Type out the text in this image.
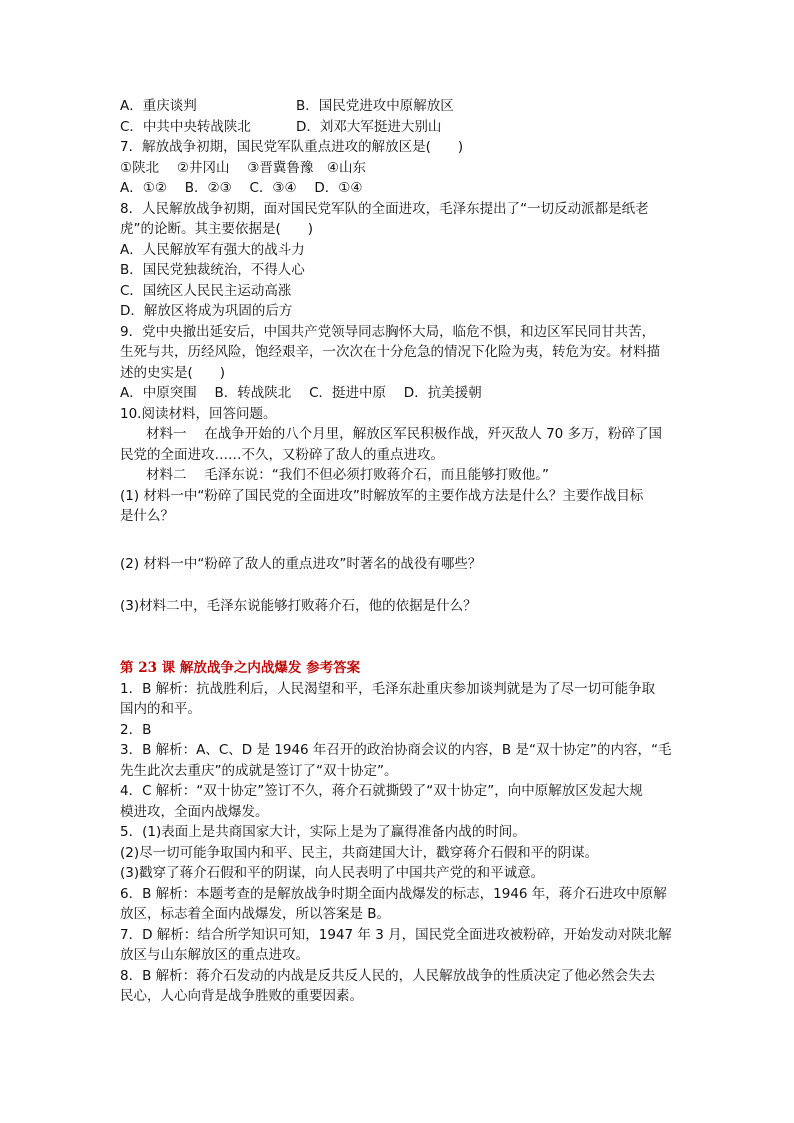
A．重庆谈判	B．国民党进攻中原解放区
C．中共中央转战陕北	D．刘邓大军挺进大别山
7．解放战争初期，国民党军队重点进攻的解放区是(　　)
①陕北　 ②井冈山　 ③晋冀鲁豫　④山东
A．①②　 B．②③　 C．③④　 D．①④
8．人民解放战争初期，面对国民党军队的全面进攻，毛泽东提出了“一切反动派都是纸老
虎”的论断。其主要依据是(　　)
A．人民解放军有强大的战斗力
B．国民党独裁统治，不得人心
C．国统区人民民主运动高涨
D．解放区将成为巩固的后方
9．党中央撤出延安后，中国共产党领导同志胸怀大局，临危不惧，和边区军民同甘共苦，
生死与共，历经风险，饱经艰辛，一次次在十分危急的情况下化险为夷，转危为安。材料描
述的史实是(　　)
A．中原突围　 B．转战陕北　 C．挺进中原　 D．抗美援朝
10.阅读材料，回答问题。
材料一　 在战争开始的八个月里，解放区军民积极作战，歼灭敌人 70 多万，粉碎了国
民党的全面进攻……不久，又粉碎了敌人的重点进攻。
材料二　 毛泽东说：“我们不但必须打败蒋介石，而且能够打败他。”
(1) 材料一中“粉碎了国民党的全面进攻”时解放军的主要作战方法是什么？主要作战目标
是什么？
(2) 材料一中“粉碎了敌人的重点进攻”时著名的战役有哪些？
(3)材料二中，毛泽东说能够打败蒋介石，他的依据是什么？
第 23 课 解放战争之内战爆发 参考答案
1．B 解析：抗战胜利后，人民渴望和平，毛泽东赴重庆参加谈判就是为了尽一切可能争取
国内的和平。
2．B
3．B 解析：A、C、D 是 1946 年召开的政治协商会议的内容，B 是“双十协定”的内容，“毛
先生此次去重庆”的成就是签订了“双十协定”。
4．C 解析：“双十协定”签订不久，蒋介石就撕毁了“双十协定”，向中原解放区发起大规
模进攻，全面内战爆发。
5．(1)表面上是共商国家大计，实际上是为了赢得准备内战的时间。
(2)尽一切可能争取国内和平、民主，共商建国大计，戳穿蒋介石假和平的阴谋。
(3)戳穿了蒋介石假和平的阴谋，向人民表明了中国共产党的和平诚意。
6．B 解析：本题考查的是解放战争时期全面内战爆发的标志，1946 年，蒋介石进攻中原解
放区，标志着全面内战爆发，所以答案是 B。
7．D 解析：结合所学知识可知，1947 年 3 月，国民党全面进攻被粉碎，开始发动对陕北解
放区与山东解放区的重点进攻。
8．B 解析：蒋介石发动的内战是反共反人民的，人民解放战争的性质决定了他必然会失去
民心，人心向背是战争胜败的重要因素。
